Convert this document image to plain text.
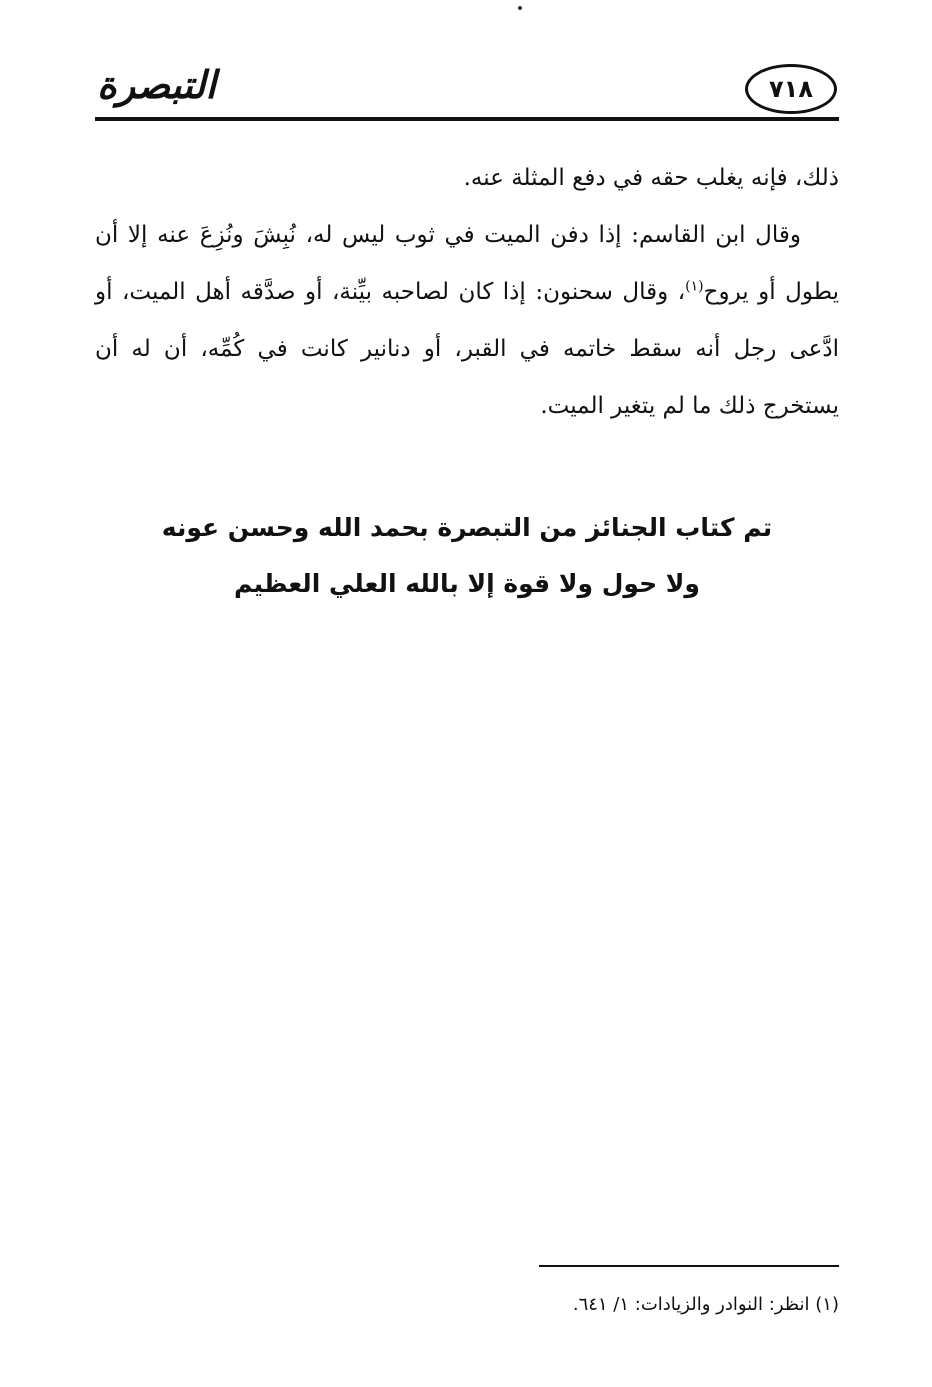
التبصرة	٧١٨

ذلك، فإنه يغلب حقه في دفع المثلة عنه.

وقال ابن القاسم: إذا دفن الميت في ثوب ليس له، نُبِشَ ونُزِعَ عنه إلا أن يطول أو يروح$^{(١)}$، وقال سحنون: إذا كان لصاحبه بيِّنة، أو صدَّقه أهل الميت، أو ادَّعى رجل أنه سقط خاتمه في القبر، أو دنانير كانت في كُمِّه، أن له أن يستخرج ذلك ما لم يتغير الميت.

تم كتاب الجنائز من التبصرة بحمد الله وحسن عونه
ولا حول ولا قوة إلا بالله العلي العظيم
(١) انظر: النوادر والزيادات: ١/ ٦٤١.
